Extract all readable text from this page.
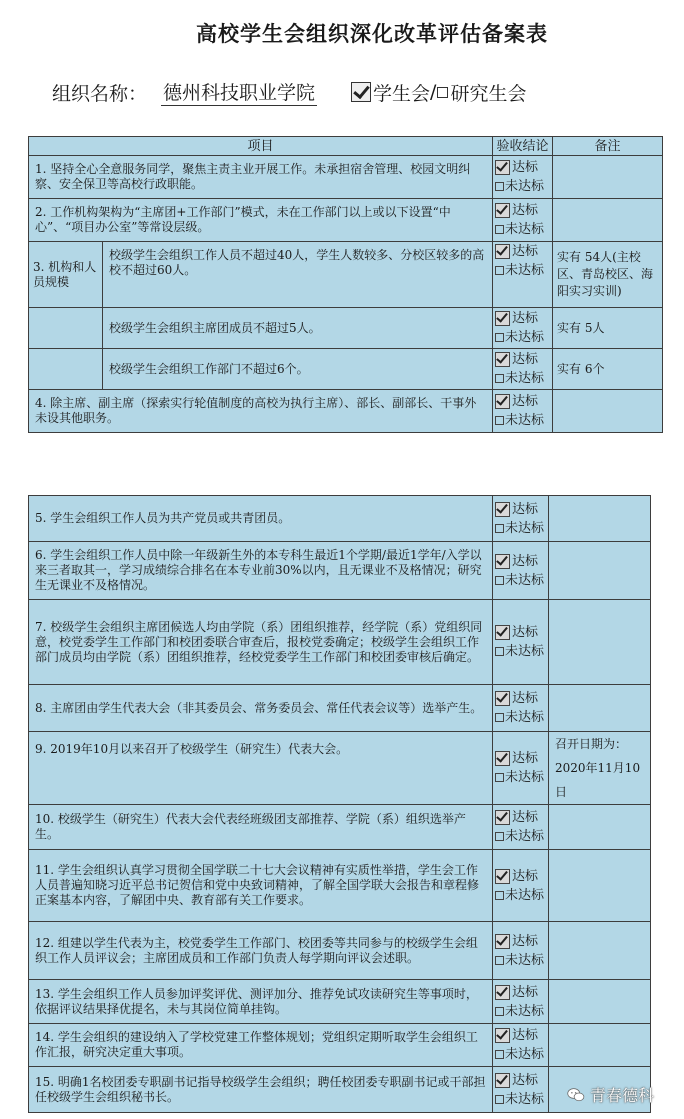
高校学生会组织深化改革评估备案表
组织名称： 德州科技职业学院	学生会 / 研究生会
项目		验收结论	备注
1. 坚持全心全意服务同学，聚焦主责主业开展工作。未承担宿舍管理、校园文明纠察、安全保卫等高校行政职能。		达标
未达标	

2. 工作机构架构为“主席团+工作部门”模式，未在工作部门以上或以下设置“中心”、“项目办公室”等常设层级。		达标
未达标	

3. 机构和人员规模	校级学生会组织工作人员不超过40人，学生人数较多、分校区较多的高校不超过60人。	达标
未达标	实有 54人(主校区、青岛校区、海阳实习实训)
	校级学生会组织主席团成员不超过5人。	达标
未达标	实有 5人
	校级学生会组织工作部门不超过6个。	达标
未达标	实有 6个
4. 除主席、副主席（探索实行轮值制度的高校为执行主席）、部长、副部长、干事外未设其他职务。		达标
未达标	

5. 学生会组织工作人员为共产党员或共青团员。	达标
未达标	

6. 学生会组织工作人员中除一年级新生外的本专科生最近1个学期/最近1学年/入学以来三者取其一，学习成绩综合排名在本专业前30%以内，且无课业不及格情况；研究生无课业不及格情况。	达标
未达标	

7. 校级学生会组织主席团候选人均由学院（系）团组织推荐，经学院（系）党组织同意，校党委学生工作部门和校团委联合审查后，报校党委确定；校级学生会组织工作部门成员均由学院（系）团组织推荐，经校党委学生工作部门和校团委审核后确定。	达标
未达标	

8. 主席团由学生代表大会（非其委员会、常务委员会、常任代表会议等）选举产生。	达标
未达标	

9. 2019年10月以来召开了校级学生（研究生）代表大会。	达标
未达标	召开日期为：2020年11月10日
10. 校级学生（研究生）代表大会代表经班级团支部推荐、学院（系）组织选举产生。	达标
未达标	

11. 学生会组织认真学习贯彻全国学联二十七大会议精神有实质性举措，学生会工作人员普遍知晓习近平总书记贺信和党中央致词精神，了解全国学联大会报告和章程修正案基本内容，了解团中央、教育部有关工作要求。	达标
未达标	

12. 组建以学生代表为主，校党委学生工作部门、校团委等共同参与的校级学生会组织工作人员评议会；主席团成员和工作部门负责人每学期向评议会述职。	达标
未达标	

13. 学生会组织工作人员参加评奖评优、测评加分、推荐免试攻读研究生等事项时，依据评议结果择优提名，未与其岗位简单挂钩。	达标
未达标	

14. 学生会组织的建设纳入了学校党建工作整体规划；党组织定期听取学生会组织工作汇报，研究决定重大事项。	达标
未达标	

15. 明确1名校团委专职副书记指导校级学生会组织；聘任校团委专职副书记或干部担任校级学生会组织秘书长。	达标
未达标	
		青春德科
